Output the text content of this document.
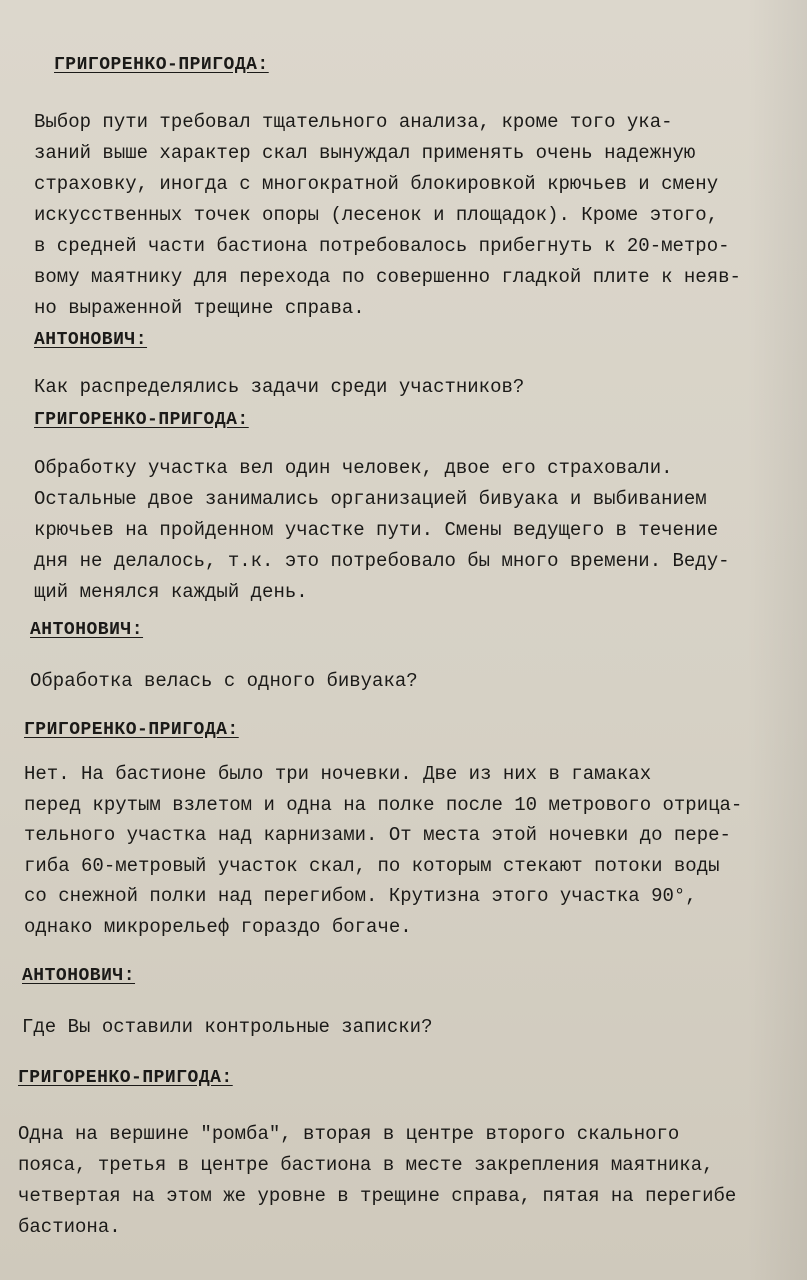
ГРИГОРЕНКО-ПРИГОДА:
Выбор пути требовал тщательного анализа, кроме того ука-
заний выше характер скал вынуждал применять очень надежную
страховку, иногда с многократной блокировкой крючьев и смену
искусственных точек опоры (лесенок и площадок). Кроме этого,
в средней части бастиона потребовалось прибегнуть к 20-метро-
вому маятнику для перехода по совершенно гладкой плите к неяв-
но выраженной трещине справа.
АНТОНОВИЧ:
Как распределялись задачи среди участников?
ГРИГОРЕНКО-ПРИГОДА:
Обработку участка вел один человек, двое его страховали.
Остальные двое занимались организацией бивуака и выбиванием
крючьев на пройденном участке пути. Смены ведущего в течение
дня не делалось, т.к. это потребовало бы много времени. Веду-
щий менялся каждый день.
АНТОНОВИЧ:
Обработка велась с одного бивуака?
ГРИГОРЕНКО-ПРИГОДА:
Нет. На бастионе было три ночевки. Две из них в гамаках
перед крутым взлетом и одна на полке после 10 метрового отрица-
тельного участка над карнизами. От места этой ночевки до пере-
гиба 60-метровый участок скал, по которым стекают потоки воды
со снежной полки над перегибом. Крутизна этого участка 90°,
однако микрорельеф гораздо богаче.
АНТОНОВИЧ:
Где Вы оставили контрольные записки?
ГРИГОРЕНКО-ПРИГОДА:
Одна на вершине "ромба", вторая в центре второго скального
пояса, третья в центре бастиона в месте закрепления маятника,
четвертая на этом же уровне в трещине справа, пятая на перегибе
бастиона.
